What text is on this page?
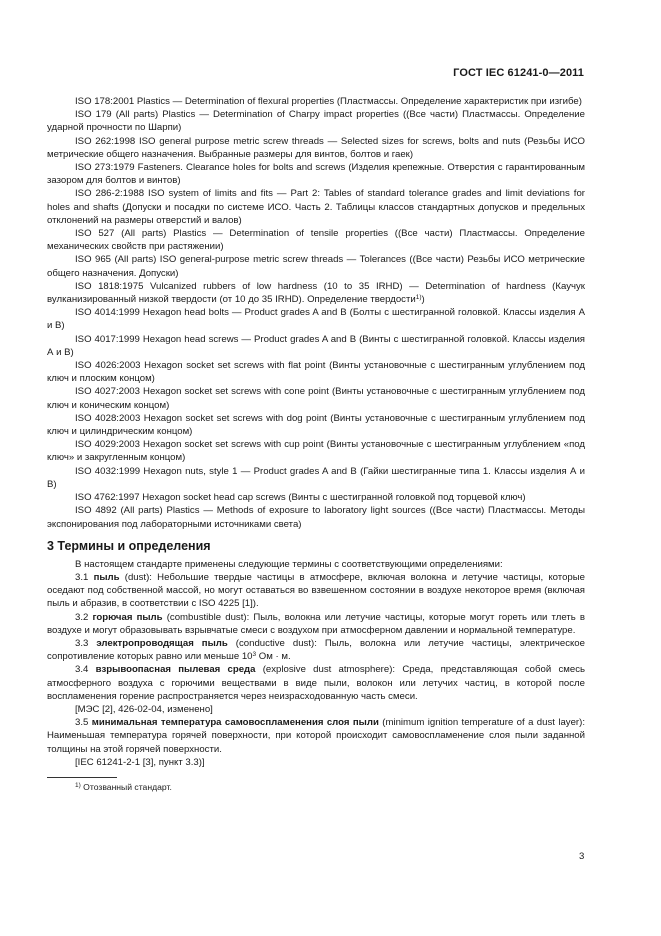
ГОСТ IEC 61241-0—2011

ISO 178:2001 Plastics — Determination of flexural properties (Пластмассы. Определение характеристик при изгибе)

ISO 179 (All parts) Plastics — Determination of Charpy impact properties ((Все части) Пластмассы. Определение ударной прочности по Шарпи)

ISO 262:1998 ISO general purpose metric screw threads — Selected sizes for screws, bolts and nuts (Резьбы ИСО метрические общего назначения. Выбранные размеры для винтов, болтов и гаек)

ISO 273:1979 Fasteners. Clearance holes for bolts and screws (Изделия крепежные. Отверстия с гарантированным зазором для болтов и винтов)

ISO 286-2:1988 ISO system of limits and fits — Part 2: Tables of standard tolerance grades and limit deviations for holes and shafts (Допуски и посадки по системе ИСО. Часть 2. Таблицы классов стандартных допусков и предельных отклонений на размеры отверстий и валов)

ISO 527 (All parts) Plastics — Determination of tensile properties ((Все части) Пластмассы. Определение механических свойств при растяжении)

ISO 965 (All parts) ISO general-purpose metric screw threads — Tolerances ((Все части) Резьбы ИСО метрические общего назначения. Допуски)

ISO 1818:1975 Vulcanized rubbers of low hardness (10 to 35 IRHD) — Determination of hardness (Каучук вулканизированный низкой твердости (от 10 до 35 IRHD). Определение твердости$^{1)}$)

ISO 4014:1999 Hexagon head bolts — Product grades A and B (Болты с шестигранной головкой. Классы изделия А и В)

ISO 4017:1999 Hexagon head screws — Product grades A and B (Винты с шестигранной головкой. Классы изделия А и В)

ISO 4026:2003 Hexagon socket set screws with flat point (Винты установочные с шестигранным углублением под ключ и плоским концом)

ISO 4027:2003 Hexagon socket set screws with cone point (Винты установочные с шестигранным углублением под ключ и коническим концом)

ISO 4028:2003 Hexagon socket set screws with dog point (Винты установочные с шестигранным углублением под ключ и цилиндрическим концом)

ISO 4029:2003 Hexagon socket set screws with cup point (Винты установочные с шестигранным углублением «под ключ» и закругленным концом)

ISO 4032:1999 Hexagon nuts, style 1 — Product grades A and B (Гайки шестигранные типа 1. Классы изделия А и В)

ISO 4762:1997 Hexagon socket head cap screws (Винты с шестигранной головкой под торцевой ключ)

ISO 4892 (All parts) Plastics — Methods of exposure to laboratory light sources ((Все части) Пластмассы. Методы экспонирования под лабораторными источниками света)

3 Термины и определения

В настоящем стандарте применены следующие термины с соответствующими определениями:

3.1 пыль (dust): Небольшие твердые частицы в атмосфере, включая волокна и летучие частицы, которые оседают под собственной массой, но могут оставаться во взвешенном состоянии в воздухе некоторое время (включая пыль и абразив, в соответствии с ISO 4225 [1]).

3.2 горючая пыль (combustible dust): Пыль, волокна или летучие частицы, которые могут гореть или тлеть в воздухе и могут образовывать взрывчатые смеси с воздухом при атмосферном давлении и нормальной температуре.

3.3 электропроводящая пыль (conductive dust): Пыль, волокна или летучие частицы, электрическое сопротивление которых равно или меньше $10^3$ Ом · м.

3.4 взрывоопасная пылевая среда (explosive dust atmosphere): Среда, представляющая собой смесь атмосферного воздуха с горючими веществами в виде пыли, волокон или летучих частиц, в которой после воспламенения горение распространяется через неизрасходованную часть смеси.

[МЭС [2], 426-02-04, изменено]

3.5 минимальная температура самовоспламенения слоя пыли (minimum ignition temperature of a dust layer): Наименьшая температура горячей поверхности, при которой происходит самовоспламенение слоя пыли заданной толщины на этой горячей поверхности.

[IEC 61241-2-1 [3], пункт 3.3)]

$^{1)}$ Отозванный стандарт.
3
